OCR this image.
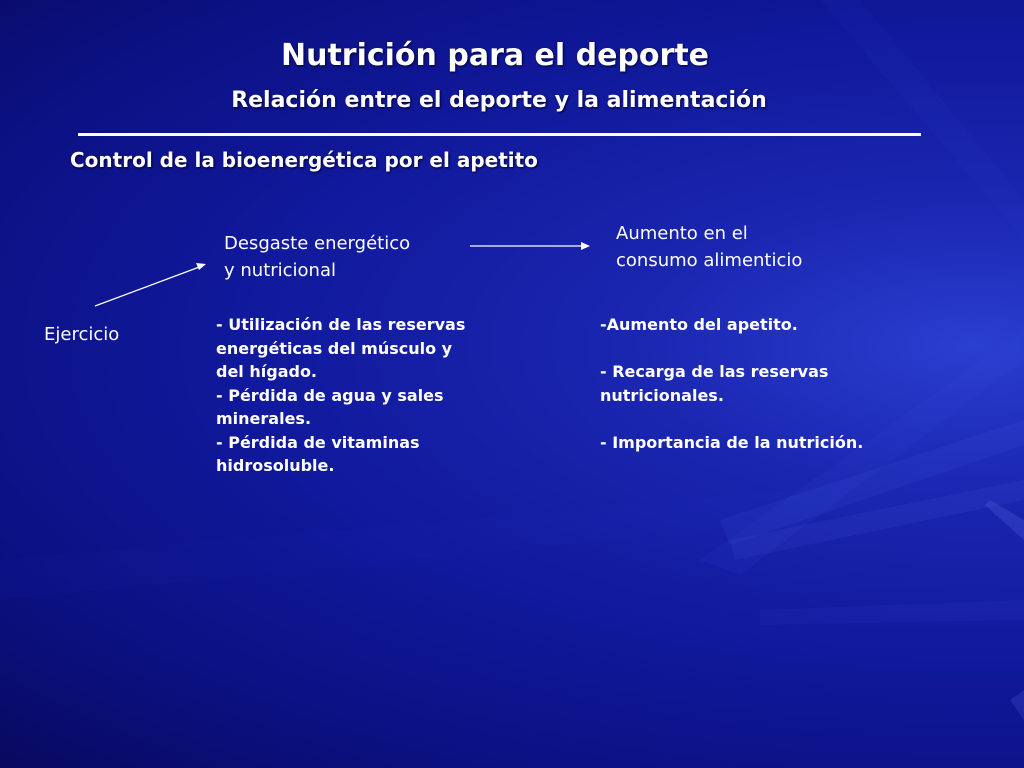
Nutrición para el deporte
Relación entre el deporte y la alimentación
Control de la bioenergética por el apetito
Desgaste energético
y nutricional
Aumento en el
consumo alimenticio
Ejercicio	- Utilización de las reservas
energéticas del músculo y
del hígado.
- Pérdida de agua y sales
minerales.
- Pérdida de vitaminas
hidrosoluble.
-Aumento del apetito.
- Recarga de las reservas
nutricionales.
- Importancia de la nutrición.
